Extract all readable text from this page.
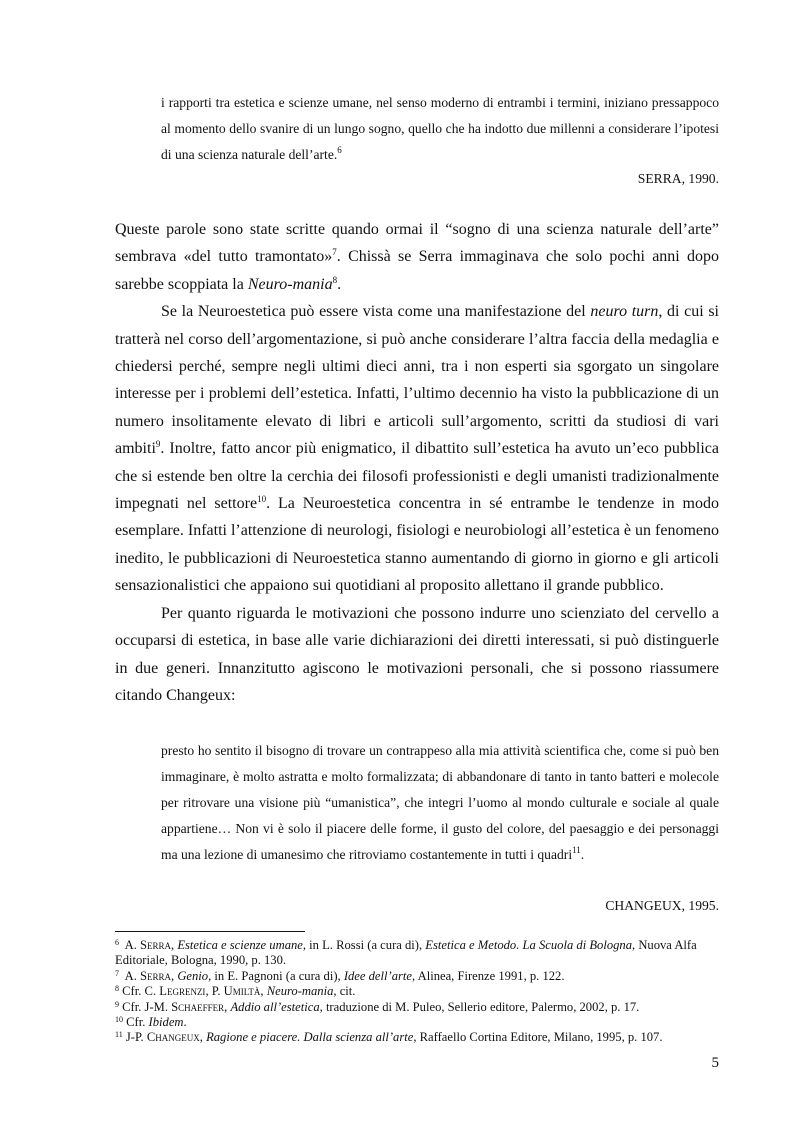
i rapporti tra estetica e scienze umane, nel senso moderno di entrambi i termini, iniziano pressappoco al momento dello svanire di un lungo sogno, quello che ha indotto due millenni a considerare l’ipotesi di una scienza naturale dell’arte.$^6$
SERRA, 1990.

Queste parole sono state scritte quando ormai il “sogno di una scienza naturale dell’arte” sembrava «del tutto tramontato»$^7$. Chissà se Serra immaginava che solo pochi anni dopo sarebbe scoppiata la Neuro-mania$^8$.

Se la Neuroestetica può essere vista come una manifestazione del neuro turn, di cui si tratterà nel corso dell’argomentazione, si può anche considerare l’altra faccia della medaglia e chiedersi perché, sempre negli ultimi dieci anni, tra i non esperti sia sgorgato un singolare interesse per i problemi dell’estetica. Infatti, l’ultimo decennio ha visto la pubblicazione di un numero insolitamente elevato di libri e articoli sull’argomento, scritti da studiosi di vari ambiti$^9$. Inoltre, fatto ancor più enigmatico, il dibattito sull’estetica ha avuto un’eco pubblica che si estende ben oltre la cerchia dei filosofi professionisti e degli umanisti tradizionalmente impegnati nel settore$^{10}$. La Neuroestetica concentra in sé entrambe le tendenze in modo esemplare. Infatti l’attenzione di neurologi, fisiologi e neurobiologi all’estetica è un fenomeno inedito, le pubblicazioni di Neuroestetica stanno aumentando di giorno in giorno e gli articoli sensazionalistici che appaiono sui quotidiani al proposito allettano il grande pubblico.

Per quanto riguarda le motivazioni che possono indurre uno scienziato del cervello a occuparsi di estetica, in base alle varie dichiarazioni dei diretti interessati, si può distinguerle in due generi. Innanzitutto agiscono le motivazioni personali, che si possono riassumere citando Changeux:

presto ho sentito il bisogno di trovare un contrappeso alla mia attività scientifica che, come si può ben immaginare, è molto astratta e molto formalizzata; di abbandonare di tanto in tanto batteri e molecole per ritrovare una visione più “umanistica”, che integri l’uomo al mondo culturale e sociale al quale appartiene… Non vi è solo il piacere delle forme, il gusto del colore, del paesaggio e dei personaggi ma una lezione di umanesimo che ritroviamo costantemente in tutti i quadri$^{11}$.
CHANGEUX, 1995.

$^6$ A. Serra, Estetica e scienze umane, in L. Rossi (a cura di), Estetica e Metodo. La Scuola di Bologna, Nuova Alfa Editoriale, Bologna, 1990, p. 130.

$^7$ A. Serra, Genio, in E. Pagnoni (a cura di), Idee dell’arte, Alinea, Firenze 1991, p. 122.

$^8$ Cfr. C. Legrenzi, P. Umiltà, Neuro-mania, cit.

$^9$ Cfr. J-M. Schaeffer, Addio all’estetica, traduzione di M. Puleo, Sellerio editore, Palermo, 2002, p. 17.

$^{10}$ Cfr. Ibidem.

$^{11}$ J-P. Changeux, Ragione e piacere. Dalla scienza all’arte, Raffaello Cortina Editore, Milano, 1995, p. 107.

5
